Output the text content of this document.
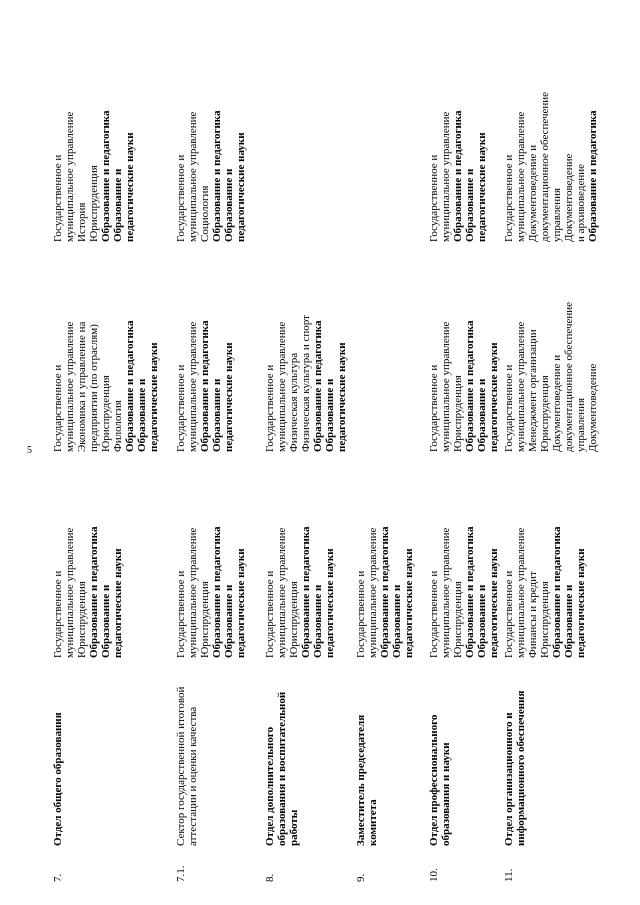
5
7.
Отдел общего образования
Государственное и муниципальное управление Юриспруденция Образование и педагогика Образование и педагогические науки
Государственное и муниципальное управление Экономика и управление на предприятии (по отраслям) Юриспруденция Филология Образование и педагогика Образование и педагогические науки
Государственное и муниципальное управление История Юриспруденция Образование и педагогика Образование и педагогические науки
7.1.
Сектор государственной итоговой аттестации и оценки качества
Государственное и муниципальное управление Юриспруденция Образование и педагогика Образование и педагогические науки
Государственное и муниципальное управление Образование и педагогика Образование и педагогические науки
Государственное и муниципальное управление Социология Образование и педагогика Образование и педагогические науки
8.
Отдел дополнительного образования и воспитательной работы
Государственное и муниципальное управление Юриспруденция Образование и педагогика Образование и педагогические науки
Государственное и муниципальное управление Физическая культура Физическая культура и спорт Образование и педагогика Образование и педагогические науки
9.
Заместитель председателя комитета
Государственное и муниципальное управление Образование и педагогика Образование и педагогические науки
10.
Отдел профессионального образования и науки
Государственное и муниципальное управление Юриспруденция Образование и педагогика Образование и педагогические науки
Государственное и муниципальное управление Юриспруденция Образование и педагогика Образование и педагогические науки
Государственное и муниципальное управление Образование и педагогика Образование и педагогические науки
11.
Отдел организационного и информационного обеспечения
Государственное и муниципальное управление Финансы и кредит Юриспруденция Образование и педагогика Образование и педагогические науки
Государственное и муниципальное управление Менеджмент организации Юриспруденция Документоведение и документационное обеспечение управления Документоведение
Государственное и муниципальное управление Документоведение и документационное обеспечение управления Документоведение и архивоведение Образование и педагогика
